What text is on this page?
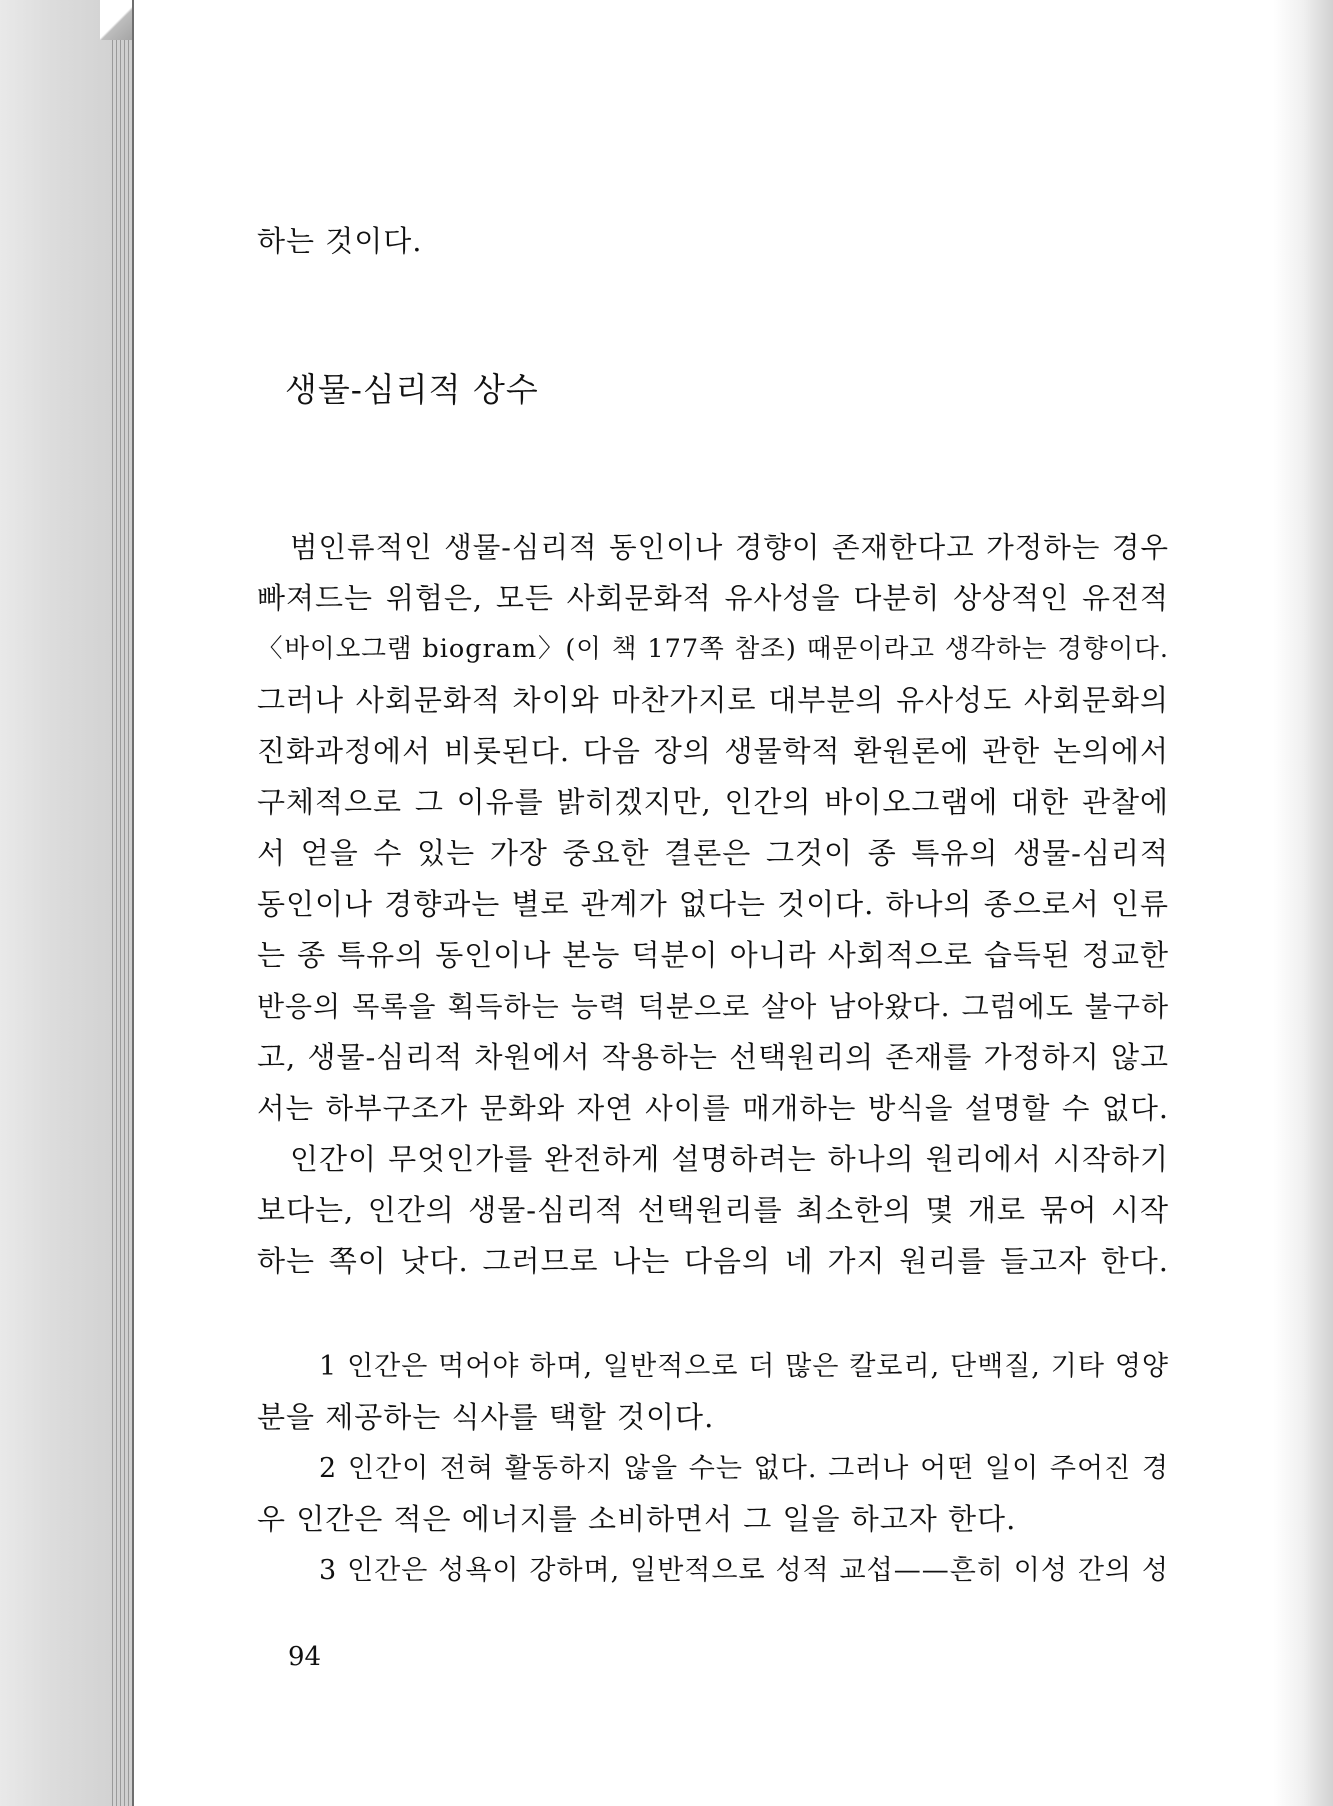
하는 것이다.
생물-심리적 상수
범인류적인 생물-심리적 동인이나 경향이 존재한다고 가정하는 경우
빠져드는 위험은, 모든 사회문화적 유사성을 다분히 상상적인 유전적
〈바이오그램 biogram〉(이 책 177쪽 참조) 때문이라고 생각하는 경향이다.
그러나 사회문화적 차이와 마찬가지로 대부분의 유사성도 사회문화의
진화과정에서 비롯된다. 다음 장의 생물학적 환원론에 관한 논의에서
구체적으로 그 이유를 밝히겠지만, 인간의 바이오그램에 대한 관찰에
서 얻을 수 있는 가장 중요한 결론은 그것이 종 특유의 생물-심리적
동인이나 경향과는 별로 관계가 없다는 것이다. 하나의 종으로서 인류
는 종 특유의 동인이나 본능 덕분이 아니라 사회적으로 습득된 정교한
반응의 목록을 획득하는 능력 덕분으로 살아 남아왔다. 그럼에도 불구하
고, 생물-심리적 차원에서 작용하는 선택원리의 존재를 가정하지 않고
서는 하부구조가 문화와 자연 사이를 매개하는 방식을 설명할 수 없다.
인간이 무엇인가를 완전하게 설명하려는 하나의 원리에서 시작하기
보다는, 인간의 생물-심리적 선택원리를 최소한의 몇 개로 묶어 시작
하는 쪽이 낫다. 그러므로 나는 다음의 네 가지 원리를 들고자 한다.
1 인간은 먹어야 하며, 일반적으로 더 많은 칼로리, 단백질, 기타 영양
분을 제공하는 식사를 택할 것이다.
2 인간이 전혀 활동하지 않을 수는 없다. 그러나 어떤 일이 주어진 경
우 인간은 적은 에너지를 소비하면서 그 일을 하고자 한다.
3 인간은 성욕이 강하며, 일반적으로 성적 교섭——흔히 이성 간의 성
94
